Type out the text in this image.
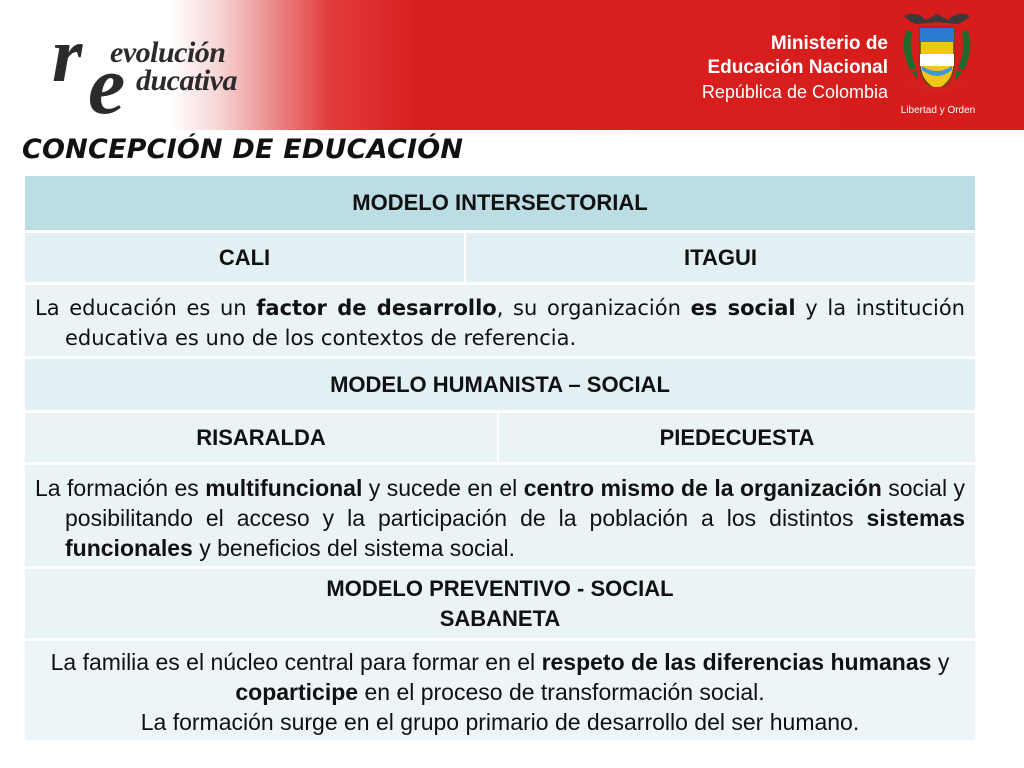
r e
evolución
ducativa
Ministerio de
Educación Nacional
República de Colombia
Libertad y Orden
CONCEPCIÓN DE EDUCACIÓN
MODELO INTERSECTORIAL
CALI	ITAGUI
La educación es un factor de desarrollo, su organización es social y la institución educativa es uno de los contextos de referencia.
MODELO HUMANISTA – SOCIAL
RISARALDA	PIEDECUESTA
La formación es multifuncional y sucede en el centro mismo de la organización social y posibilitando el acceso y la participación de la población a los distintos sistemas funcionales y beneficios del sistema social.
MODELO PREVENTIVO - SOCIAL
SABANETA
La familia es el núcleo central para formar en el respeto de las diferencias humanas y coparticipe en el proceso de transformación social.
La formación surge en el grupo primario de desarrollo del ser humano.
